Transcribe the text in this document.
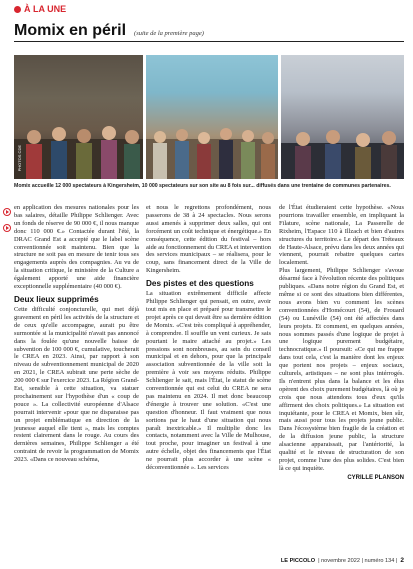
À LA UNE
Momix en péril (suite de la première page)
PHOTOS CDE
Momix accueille 12 000 spectateurs à Kingersheim, 10 000 spectateurs sur son site au 8 fois sur... diffusés dans une trentaine de communes partenaires.

en application des mesures nationales pour les bas salaires, détaille Philippe Schlienger. Avec un fonds de réserve de 90 000 €, il nous manque donc 110 000 €.» Contactée durant l'été, la DRAC Grand Est a accepté que le label scène conventionnée soit maintenu. Bien que la structure ne soit pas en mesure de tenir tous ses engagements auprès des compagnies. Au vu de la situation critique, le ministère de la Culture a également apporté une aide financière exceptionnelle supplémentaire (40 000 €).

Deux lieux supprimés

Cette difficulté conjoncturelle, qui met déjà gravement en péril les activités de la structure et de ceux qu'elle accompagne, aurait pu être surmontée si la municipalité n'avait pas annoncé dans la foulée qu'une nouvelle baisse de subvention de 100 000 €, cumulative, toucherait le CREA en 2023. Ainsi, par rapport à son niveau de subventionnement municipal de 2020 en 2021, le CREA subirait une perte sèche de 200 000 € sur l'exercice 2023. La Région Grand-Est, sensible à cette situation, va statuer prochainement sur l'hypothèse d'un « coup de pouce ». La collectivité européenne d'Alsace pourrait intervenir «pour que ne disparaisse pas un projet emblématique en direction de la jeunesse auquel elle tient », mais les comptes restent clairement dans le rouge. Au cours des dernières semaines, Philippe Schlienger a été contraint de revoir la programmation de Momix 2023. «Dans ce nouveau schéma,

et nous le regrettons profondément, nous passerons de 38 à 24 spectacles. Nous serons aussi amenés à supprimer deux salles, qui ont forcément un coût technique et énergétique.» En conséquence, cette édition du festival – hors aide au fonctionnement du CREA et intervention des services municipaux – se réalisera, pour le coup, sans financement direct de la Ville de Kingersheim.

Des pistes et des questions

La situation extrêmement difficile affecte Philippe Schlienger qui pensait, en outre, avoir tout mis en place et préparé pour transmettre le projet après ce qui devait être sa dernière édition de Momix. «C'est très compliqué à appréhender, à comprendre. Il souffle un vent curieux. Je sais pourtant le maire attaché au projet.» Les pressions sont nombreuses, au sein du conseil municipal et en dehors, pour que la principale association subventionnée de la ville soit la première à voir ses moyens réduits. Philippe Schlienger le sait, mais l'État, le statut de scène conventionnée qui est celui du CREA ne sera pas maintenu en 2024. Il met donc beaucoup d'énergie à trouver une solution. «C'est une question d'honneur. Il faut vraiment que nous sortions par le haut d'une situation qui nous paraît inextricable.» Il multiplie donc les contacts, notamment avec la Ville de Mulhouse, tout proche, pour imaginer un festival à une autre échelle, objet des financements que l'État ne pourrait plus accorder à une scène « déconventionnée ». Les services

de l'État étudieraient cette hypothèse. «Nous pourrions travailler ensemble, en impliquant la Filature, scène nationale, La Passerelle de Rixheim, l'Espace 110 à Illzach et bien d'autres structures du territoire.» Le départ des Tréteaux de Haute-Alsace, prévu dans les deux années qui viennent, pourrait rebattre quelques cartes localement.

Plus largement, Philippe Schlienger s'avoue désarmé face à l'évolution récente des politiques publiques. «Dans notre région du Grand Est, et même si ce sont des situations bien différentes, nous avons bien vu comment les scènes conventionnées d'Homécourt (54), de Frouard (54) ou Lunéville (54) ont été affectées dans leurs projets. Et comment, en quelques années, nous sommes passés d'une logique de projet à une logique purement budgétaire, technocratique.» Il poursuit: «Ce qui me frappe dans tout cela, c'est la manière dont les enjeux que portent nos projets – enjeux sociaux, culturels, artistiques – ne sont plus intérrogés. Ils n'entrent plus dans la balance et les élus opèrent des choix purement budgétaires, là où je crois que nous attendons tous d'eux qu'ils affirment des choix politiques.» La situation est inquiétante, pour le CREA et Momix, bien sûr, mais aussi pour tous les projets jeune public. Dans l'écosystème bien fragile de la création et de la diffusion jeune public, la structure alsacienne apparaissait, par l'antériorité, la qualité et le niveau de structuration de son projet, comme l'une des plus solides. C'est bien là ce qui inquiète.

CYRILLE PLANSON
LE PICCOLO | novembre 2022 | numéro 134 | 2
